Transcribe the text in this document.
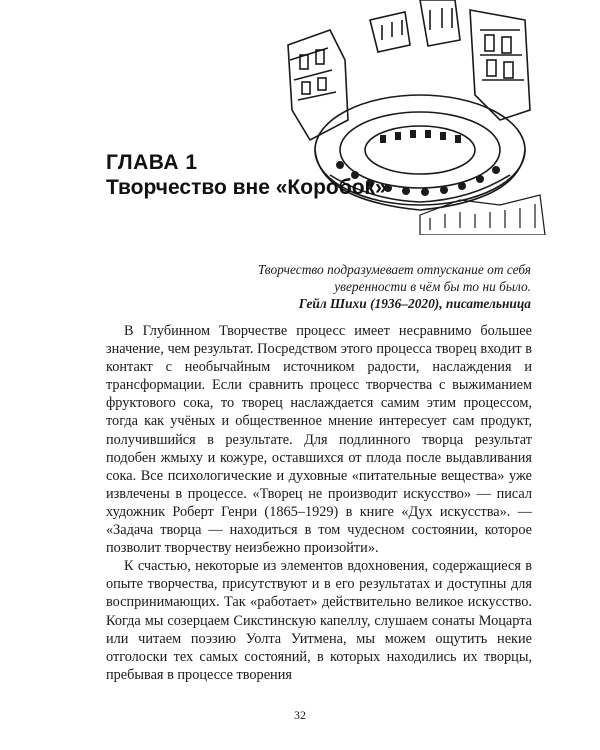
ГЛАВА 1
Творчество вне «Коробок»
Творчество подразумевает отпускание от себя
уверенности в чём бы то ни было.
Гейл Шихи (1936–2020), писательница

В Глубинном Творчестве процесс имеет несравнимо большее значение, чем результат. Посредством этого процесса творец входит в контакт с необычайным источником радости, наслаждения и трансформации. Если сравнить процесс творчества с выжиманием фруктового сока, то творец наслаждается самим этим процессом, тогда как учёных и общественное мнение интересует сам продукт, получившийся в результате. Для подлинного творца результат подобен жмыху и кожуре, оставшихся от плода после выдавливания сока. Все психологические и духовные «питательные вещества» уже извлечены в процессе. «Творец не производит искусство» — писал художник Роберт Генри (1865–1929) в книге «Дух искусства». — «Задача творца — находиться в том чудесном состоянии, которое позволит творчеству неизбежно произойти».

К счастью, некоторые из элементов вдохновения, содержащиеся в опыте творчества, присутствуют и в его результатах и доступны для воспринимающих. Так «работает» действительно великое искусство. Когда мы созерцаем Сикстинскую капеллу, слушаем сонаты Моцарта или читаем поэзию Уолта Уитмена, мы можем ощутить некие отголоски тех самых состояний, в которых находились их творцы, пребывая в процессе творения

32
